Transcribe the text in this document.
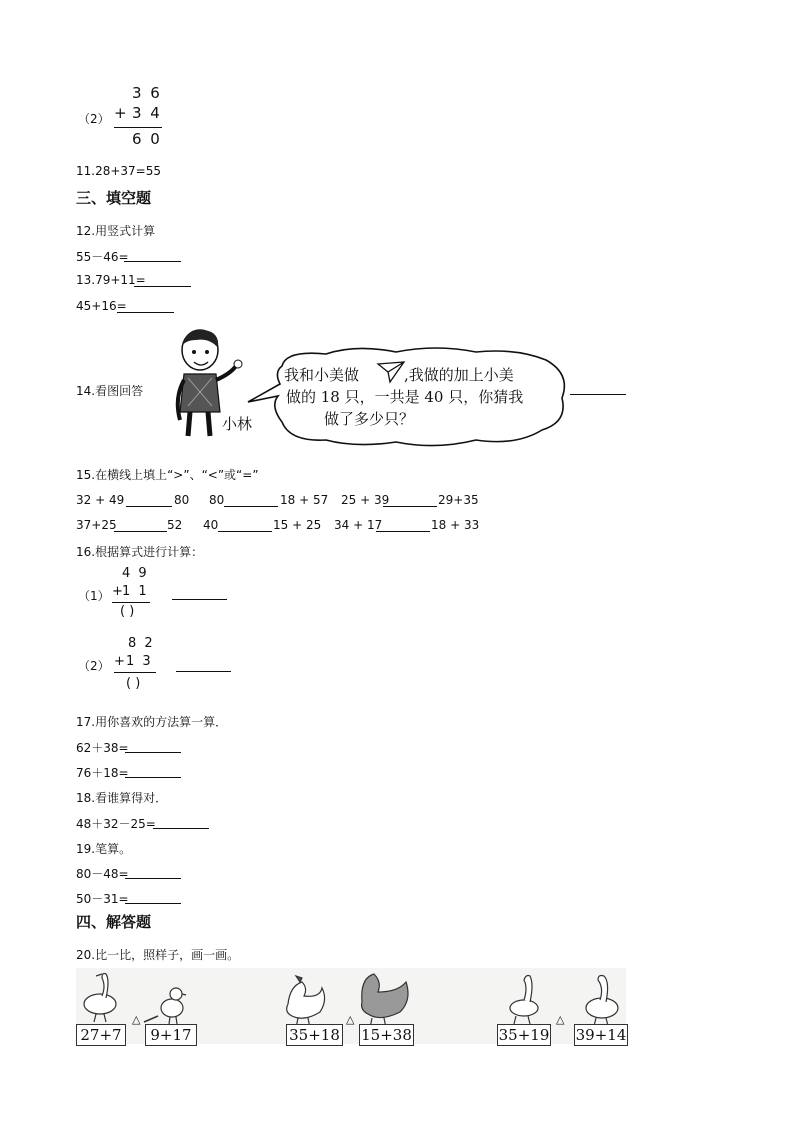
（2）
3 6
+ 3 4
6 0
11.28+37=55
三、填空题
12.用竖式计算
55－46=
13.79+11=
45+16=
14.看图回答
小林
我和小美做	,我做的加上小美
做的 18 只，一共是 40 只，你猜我
做了多少只？
15.在横线上填上“>”、“<”或“=”
32 + 49	80 80	18 + 57 25 + 39	29+35
37+25	52 40	15 + 25 34 + 17	18 + 33
16.根据算式进行计算：
（1）
4 9
+ 1 1
( )
（2）
8 2
+ 1 3
( )
17.用你喜欢的方法算一算．
62＋38=
76＋18=
18.看谁算得对．
48＋32－25=
19.笔算。
80－48=
50－31=
四、解答题
20.比一比，照样子，画一画。
27+7
△
9+17	35+18
△
15+38	35+19
△
39+14
